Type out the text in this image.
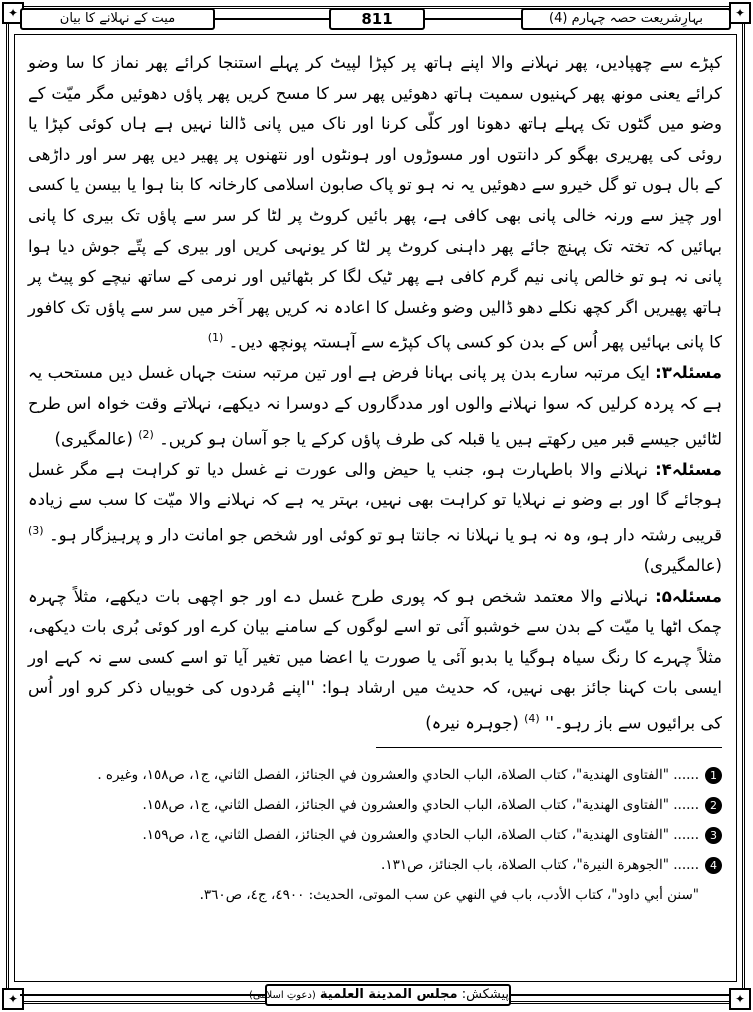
✦	✦
✦	✦
میت کے نہلانے کا بیان	811	بہارِشریعت حصہ چہارم (4)
کپڑے سے چھپادیں، پھر نہلانے والا اپنے ہاتھ پر کپڑا لپیٹ کر پہلے استنجا کرائے پھر نماز کا سا وضو کرائے یعنی مونھ پھر کہنیوں سمیت ہاتھ دھوئیں پھر سر کا مسح کریں پھر پاؤں دھوئیں مگر میّت کے وضو میں گٹوں تک پہلے ہاتھ دھونا اور کلّی کرنا اور ناک میں پانی ڈالنا نہیں ہے ہاں کوئی کپڑا یا روئی کی پھریری بھگو کر دانتوں اور مسوڑوں اور ہونٹوں اور نتھنوں پر پھیر دیں پھر سر اور داڑھی کے بال ہوں تو گل خیرو سے دھوئیں یہ نہ ہو تو پاک صابون اسلامی کارخانہ کا بنا ہوا یا بیسن یا کسی اور چیز سے ورنہ خالی پانی بھی کافی ہے، پھر بائیں کروٹ پر لٹا کر سر سے پاؤں تک بیری کا پانی بہائیں کہ تختہ تک پہنچ جائے پھر داہنی کروٹ پر لٹا کر یونہی کریں اور بیری کے پتّے جوش دیا ہوا پانی نہ ہو تو خالص پانی نیم گرم کافی ہے پھر ٹیک لگا کر بٹھائیں اور نرمی کے ساتھ نیچے کو پیٹ پر ہاتھ پھیریں اگر کچھ نکلے دھو ڈالیں وضو وغسل کا اعادہ نہ کریں پھر آخر میں سر سے پاؤں تک کافور کا پانی بہائیں پھر اُس کے بدن کو کسی پاک کپڑے سے آہستہ پونچھ دیں۔ $^{(1)}$
مسئلہ۳: ایک مرتبہ سارے بدن پر پانی بہانا فرض ہے اور تین مرتبہ سنت جہاں غسل دیں مستحب یہ ہے کہ پردہ کرلیں کہ سوا نہلانے والوں اور مددگاروں کے دوسرا نہ دیکھے، نہلاتے وقت خواہ اس طرح لٹائیں جیسے قبر میں رکھتے ہیں یا قبلہ کی طرف پاؤں کرکے یا جو آسان ہو کریں۔ $^{(2)}$ (عالمگیری)
مسئلہ۴: نہلانے والا باطہارت ہو، جنب یا حیض والی عورت نے غسل دیا تو کراہت ہے مگر غسل ہوجائے گا اور بے وضو نے نہلایا تو کراہت بھی نہیں، بہتر یہ ہے کہ نہلانے والا میّت کا سب سے زیادہ قریبی رشتہ دار ہو، وہ نہ ہو یا نہلانا نہ جانتا ہو تو کوئی اور شخص جو امانت دار و پرہیزگار ہو۔ $^{(3)}$ (عالمگیری)
مسئلہ۵: نہلانے والا معتمد شخص ہو کہ پوری طرح غسل دے اور جو اچھی بات دیکھے، مثلاً چہرہ چمک اٹھا یا میّت کے بدن سے خوشبو آئی تو اسے لوگوں کے سامنے بیان کرے اور کوئی بُری بات دیکھی، مثلاً چہرے کا رنگ سیاہ ہوگیا یا بدبو آئی یا صورت یا اعضا میں تغیر آیا تو اسے کسی سے نہ کہے اور ایسی بات کہنا جائز بھی نہیں، کہ حدیث میں ارشاد ہوا: ''اپنے مُردوں کی خوبیاں ذکر کرو اور اُس کی برائیوں سے باز رہو۔'' $^{(4)}$ (جوہرہ نیرہ)
1
...... "الفتاوی الهندية"، كتاب الصلاة، الباب الحادي والعشرون في الجنائز، الفصل الثاني، ج١، ص١٥٨، وغيره .
2
...... "الفتاوی الهندية"، كتاب الصلاة، الباب الحادي والعشرون في الجنائز، الفصل الثاني، ج١، ص١٥٨.
3
...... "الفتاوی الهندية"، كتاب الصلاة، الباب الحادي والعشرون في الجنائز، الفصل الثاني، ج١، ص١٥٩.
4
...... "الجوهرة النيرة"، كتاب الصلاة، باب الجنائز، ص١٣١.
"سنن أبي داود"، كتاب الأدب، باب في النهي عن سب الموتى، الحديث: ٤٩٠٠، ج٤، ص٣٦٠.
پیشکش: مجلس المدينة العلمية (دعوتِ اسلامی)
